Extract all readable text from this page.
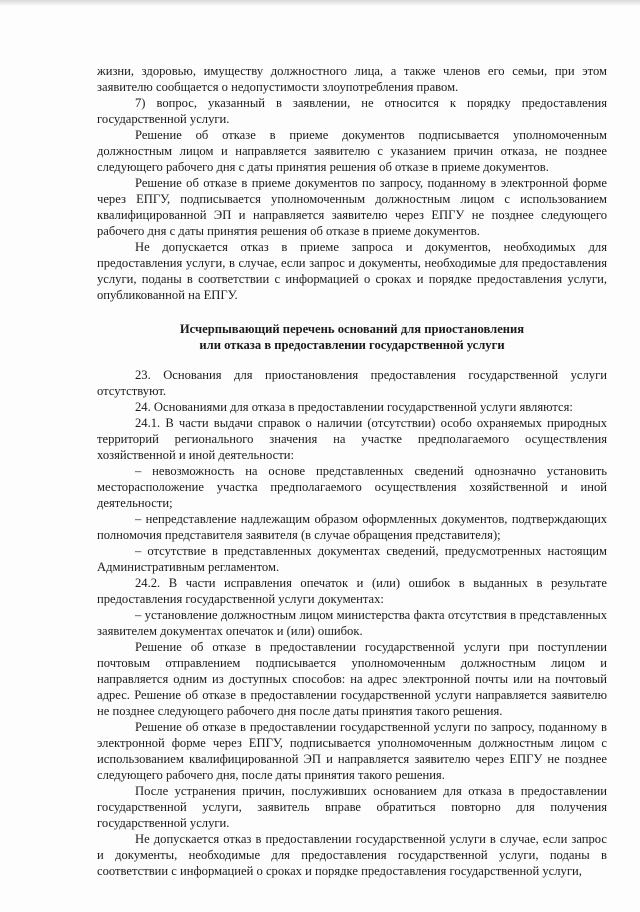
жизни, здоровью, имуществу должностного лица, а также членов его семьи, при этом заявителю сообщается о недопустимости злоупотребления правом.

7) вопрос, указанный в заявлении, не относится к порядку предоставления государственной услуги.

Решение об отказе в приеме документов подписывается уполномоченным должностным лицом и направляется заявителю с указанием причин отказа, не позднее следующего рабочего дня с даты принятия решения об отказе в приеме документов.

Решение об отказе в приеме документов по запросу, поданному в электронной форме через ЕПГУ, подписывается уполномоченным должностным лицом с использованием квалифицированной ЭП и направляется заявителю через ЕПГУ не позднее следующего рабочего дня с даты принятия решения об отказе в приеме документов.

Не допускается отказ в приеме запроса и документов, необходимых для предоставления услуги, в случае, если запрос и документы, необходимые для предоставления услуги, поданы в соответствии с информацией о сроках и порядке предоставления услуги, опубликованной на ЕПГУ.

Исчерпывающий перечень оснований для приостановления
или отказа в предоставлении государственной услуги

23. Основания для приостановления предоставления государственной услуги отсутствуют.

24. Основаниями для отказа в предоставлении государственной услуги являются:

24.1. В части выдачи справок о наличии (отсутствии) особо охраняемых природных территорий регионального значения на участке предполагаемого осуществления хозяйственной и иной деятельности:

– невозможность на основе представленных сведений однозначно установить месторасположение участка предполагаемого осуществления хозяйственной и иной деятельности;

– непредставление надлежащим образом оформленных документов, подтверждающих полномочия представителя заявителя (в случае обращения представителя);

– отсутствие в представленных документах сведений, предусмотренных настоящим Административным регламентом.

24.2. В части исправления опечаток и (или) ошибок в выданных в результате предоставления государственной услуги документах:

– установление должностным лицом министерства факта отсутствия в представленных заявителем документах опечаток и (или) ошибок.

Решение об отказе в предоставлении государственной услуги при поступлении почтовым отправлением подписывается уполномоченным должностным лицом и направляется одним из доступных способов: на адрес электронной почты или на почтовый адрес. Решение об отказе в предоставлении государственной услуги направляется заявителю не позднее следующего рабочего дня после даты принятия такого решения.

Решение об отказе в предоставлении государственной услуги по запросу, поданному в электронной форме через ЕПГУ, подписывается уполномоченным должностным лицом с использованием квалифицированной ЭП и направляется заявителю через ЕПГУ не позднее следующего рабочего дня, после даты принятия такого решения.

После устранения причин, послуживших основанием для отказа в предоставлении государственной услуги, заявитель вправе обратиться повторно для получения государственной услуги.

Не допускается отказ в предоставлении государственной услуги в случае, если запрос и документы, необходимые для предоставления государственной услуги, поданы в соответствии с информацией о сроках и порядке предоставления государственной услуги,
